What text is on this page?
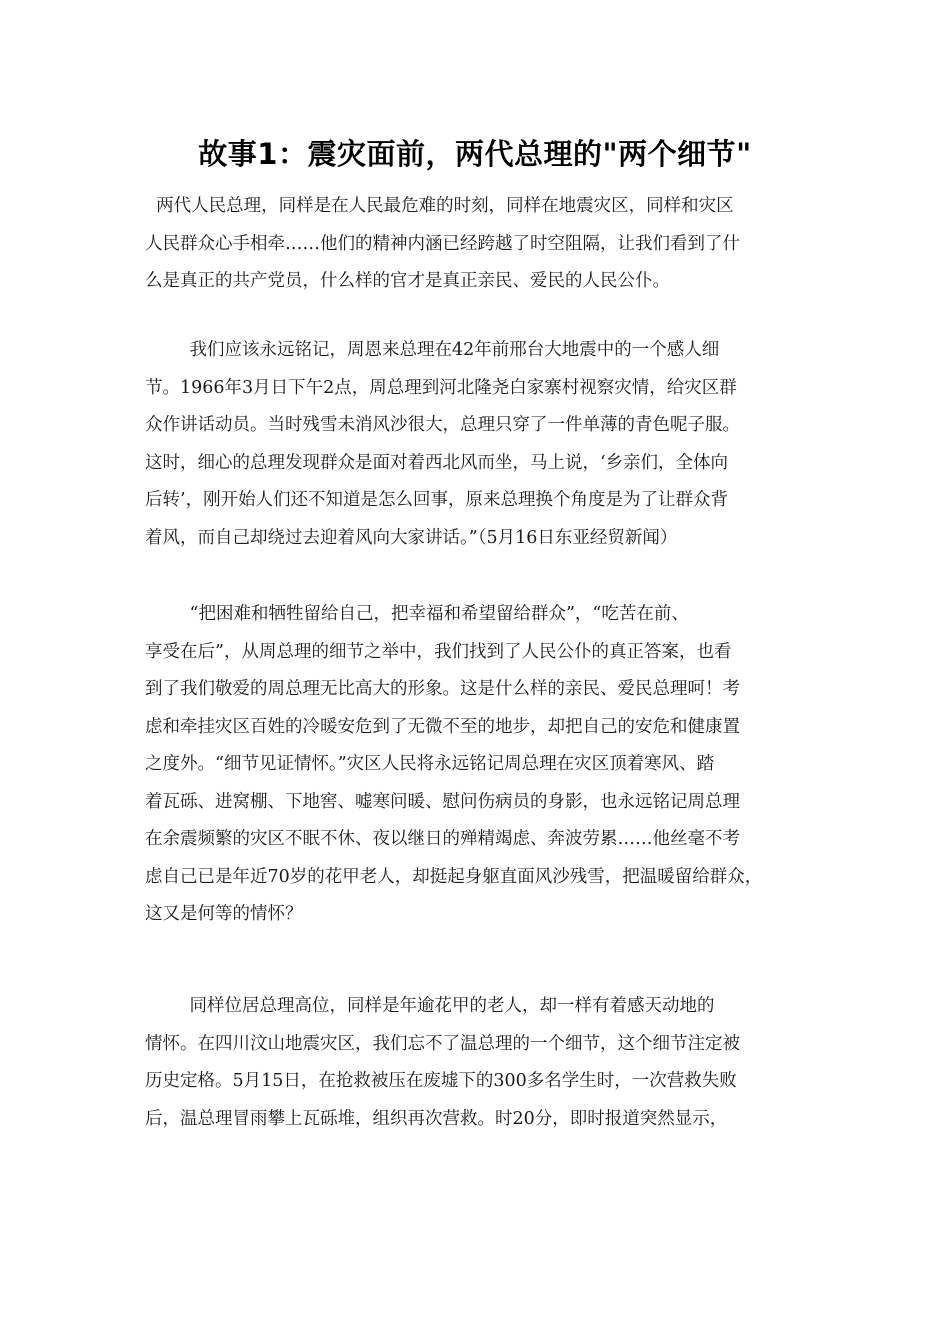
故事1：震灾面前，两代总理的"两个细节"
两代人民总理，同样是在人民最危难的时刻，同样在地震灾区，同样和灾区
人民群众心手相牵……他们的精神内涵已经跨越了时空阻隔，让我们看到了什
么是真正的共产党员，什么样的官才是真正亲民、爱民的人民公仆。
我们应该永远铭记，周恩来总理在42年前邢台大地震中的一个感人细
节。1966年3月日下午2点，周总理到河北隆尧白家寨村视察灾情，给灾区群
众作讲话动员。当时残雪未消风沙很大，总理只穿了一件单薄的青色呢子服。
这时，细心的总理发现群众是面对着西北风而坐，马上说，‘乡亲们，全体向
后转’，刚开始人们还不知道是怎么回事，原来总理换个角度是为了让群众背
着风，而自己却绕过去迎着风向大家讲话。”（5月16日东亚经贸新闻）
“把困难和牺牲留给自己，把幸福和希望留给群众”，“吃苦在前、
享受在后”，从周总理的细节之举中，我们找到了人民公仆的真正答案，也看
到了我们敬爱的周总理无比高大的形象。这是什么样的亲民、爱民总理呵！考
虑和牵挂灾区百姓的冷暖安危到了无微不至的地步，却把自己的安危和健康置
之度外。“细节见证情怀。”灾区人民将永远铭记周总理在灾区顶着寒风、踏
着瓦砾、进窝棚、下地窖、嘘寒问暖、慰问伤病员的身影，也永远铭记周总理
在余震频繁的灾区不眠不休、夜以继日的殚精竭虑、奔波劳累……他丝毫不考
虑自己已是年近70岁的花甲老人，却挺起身躯直面风沙残雪，把温暖留给群众，
这又是何等的情怀？
同样位居总理高位，同样是年逾花甲的老人，却一样有着感天动地的
情怀。在四川汶山地震灾区，我们忘不了温总理的一个细节，这个细节注定被
历史定格。5月15日，在抢救被压在废墟下的300多名学生时，一次营救失败
后，温总理冒雨攀上瓦砾堆，组织再次营救。时20分，即时报道突然显示，
